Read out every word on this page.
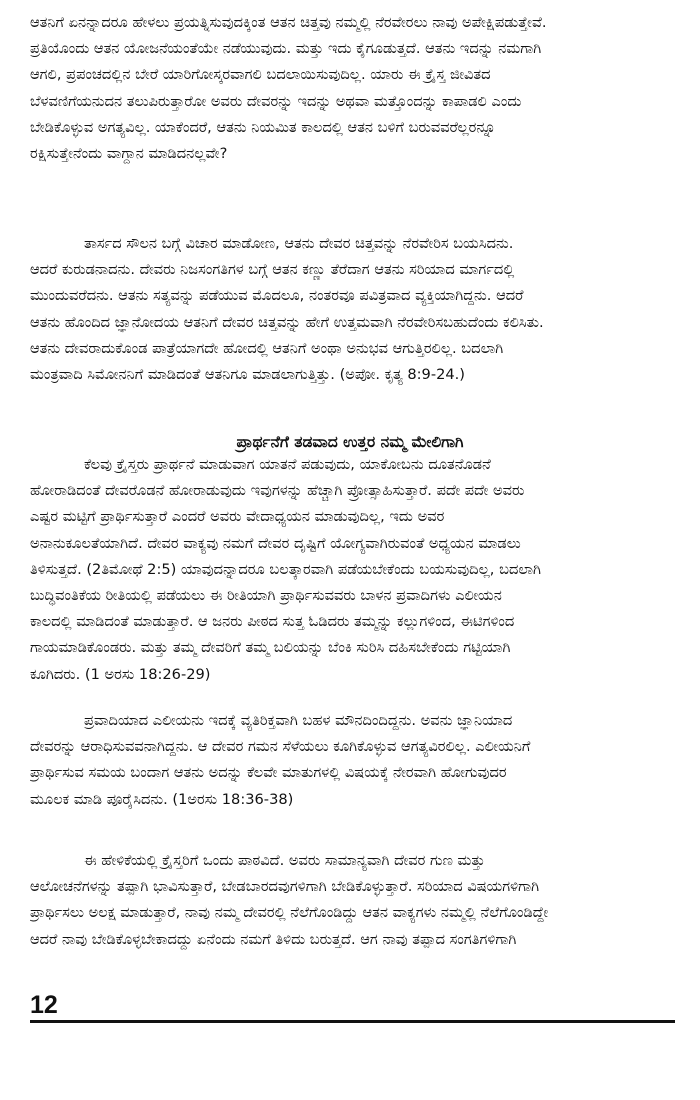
ಆತನಿಗೆ ಏನನ್ನಾದರೂ ಹೇಳಲು ಪ್ರಯತ್ನಿಸುವುದಕ್ಕಿಂತ ಆತನ ಚಿತ್ತವು ನಮ್ಮಲ್ಲಿ ನೆರವೇರಲು ನಾವು ಅಪೇಕ್ಷಿಪಡುತ್ತೇವೆ.
ಪ್ರತಿಯೊಂದು ಆತನ ಯೋಜನೆಯಂತೆಯೇ ನಡೆಯುವುದು. ಮತ್ತು ಇದು ಕೈಗೂಡುತ್ತದೆ. ಆತನು ಇದನ್ನು ನಮಗಾಗಿ
ಆಗಲಿ, ಪ್ರಪಂಚದಲ್ಲಿನ ಬೇರೆ ಯಾರಿಗೋಸ್ಕರವಾಗಲಿ ಬದಲಾಯಿಸುವುದಿಲ್ಲ. ಯಾರು ಈ ಕ್ರೈಸ್ತ ಜೀವಿತದ
ಬೆಳವಣಿಗೆಯನುದನ ತಲುಪಿರುತ್ತಾರೋ ಅವರು ದೇವರನ್ನು ಇದನ್ನು ಅಥವಾ ಮತ್ತೊಂದನ್ನು ಕಾಪಾಡಲಿ ಎಂದು
ಬೇಡಿಕೊಳ್ಳುವ ಅಗತ್ಯವಿಲ್ಲ. ಯಾಕೆಂದರೆ, ಆತನು ನಿಯಮಿತ ಕಾಲದಲ್ಲಿ ಆತನ ಬಳಿಗೆ ಬರುವವರೆಲ್ಲರನ್ನೂ
ರಕ್ಷಿಸುತ್ತೇನೆಂದು ವಾಗ್ದಾನ ಮಾಡಿದನಲ್ಲವೇ?
ತಾರ್ಸದ ಸೌಲನ ಬಗ್ಗೆ ವಿಚಾರ ಮಾಡೋಣ, ಆತನು ದೇವರ ಚಿತ್ತವನ್ನು ನೆರವೇರಿಸ ಬಯಸಿದನು.
ಆದರೆ ಕುರುಡನಾದನು. ದೇವರು ನಿಜಸಂಗತಿಗಳ ಬಗ್ಗೆ ಆತನ ಕಣ್ಣು ತೆರೆದಾಗ ಆತನು ಸರಿಯಾದ ಮಾರ್ಗದಲ್ಲಿ
ಮುಂದುವರೆದನು. ಆತನು ಸತ್ಯವನ್ನು ಪಡೆಯುವ ಮೊದಲೂ, ನಂತರವೂ ಪವಿತ್ರವಾದ ವ್ಯಕ್ತಿಯಾಗಿದ್ದನು. ಆದರೆ
ಆತನು ಹೊಂದಿದ ಜ್ಞಾನೋದಯ ಆತನಿಗೆ ದೇವರ ಚಿತ್ತವನ್ನು ಹೇಗೆ ಉತ್ತಮವಾಗಿ ನೆರವೇರಿಸಬಹುದೆಂದು ಕಲಿಸಿತು.
ಆತನು ದೇವರಾದುಕೊಂಡ ಪಾತ್ರೆಯಾಗದೇ ಹೋದಲ್ಲಿ ಆತನಿಗೆ ಅಂಥಾ ಅನುಭವ ಆಗುತ್ತಿರಲಿಲ್ಲ. ಬದಲಾಗಿ
ಮಂತ್ರವಾದಿ ಸಿಮೋನನಿಗೆ ಮಾಡಿದಂತೆ ಆತನಿಗೂ ಮಾಡಲಾಗುತ್ತಿತ್ತು. (ಅಪೋ. ಕೃತ್ಯ 8:9-24.)
ಪ್ರಾರ್ಥನೆಗೆ ತಡವಾದ ಉತ್ತರ ನಮ್ಮ ಮೇಲಿಗಾಗಿ
ಕೆಲವು ಕ್ರೈಸ್ತರು ಪ್ರಾರ್ಥನೆ ಮಾಡುವಾಗ ಯಾತನೆ ಪಡುವುದು, ಯಾಕೋಬನು ದೂತನೊಡನೆ
ಹೋರಾಡಿದಂತೆ ದೇವರೊಡನೆ ಹೋರಾಡುವುದು ಇವುಗಳನ್ನು ಹೆಚ್ಚಾಗಿ ಪ್ರೋತ್ಸಾಹಿಸುತ್ತಾರೆ. ಪದೇ ಪದೇ ಅವರು
ಎಷ್ಟರ ಮಟ್ಟಿಗೆ ಪ್ರಾರ್ಥಿಸುತ್ತಾರೆ ಎಂದರೆ ಅವರು ವೇದಾಧ್ಯಯನ ಮಾಡುವುದಿಲ್ಲ, ಇದು ಅವರ
ಅನಾನುಕೂಲತೆಯಾಗಿದೆ. ದೇವರ ವಾಕ್ಯವು ನಮಗೆ ದೇವರ ದೃಷ್ಟಿಗೆ ಯೋಗ್ಯವಾಗಿರುವಂತೆ ಅಧ್ಯಯನ ಮಾಡಲು
ತಿಳಿಸುತ್ತದೆ. (2ತಿಮೋಥೆ 2:5) ಯಾವುದನ್ನಾದರೂ ಬಲತ್ಕಾರವಾಗಿ ಪಡೆಯಬೇಕೆಂದು ಬಯಸುವುದಿಲ್ಲ, ಬದಲಾಗಿ
ಬುದ್ಧಿವಂತಿಕೆಯ ರೀತಿಯಲ್ಲಿ ಪಡೆಯಲು ಈ ರೀತಿಯಾಗಿ ಪ್ರಾರ್ಥಿಸುವವರು ಬಾಳನ ಪ್ರವಾದಿಗಳು ಎಲೀಯನ
ಕಾಲದಲ್ಲಿ ಮಾಡಿದಂತೆ ಮಾಡುತ್ತಾರೆ. ಆ ಜನರು ಪೀಠದ ಸುತ್ತ ಓಡಿದರು ತಮ್ಮನ್ನು ಕಲ್ಲುಗಳಿಂದ, ಈಟಿಗಳಿಂದ
ಗಾಯಮಾಡಿಕೊಂಡರು. ಮತ್ತು ತಮ್ಮ ದೇವರಿಗೆ ತಮ್ಮ ಬಲಿಯನ್ನು ಬೆಂಕಿ ಸುರಿಸಿ ದಹಿಸಬೇಕೆಂದು ಗಟ್ಟಿಯಾಗಿ
ಕೂಗಿದರು. (1 ಅರಸು 18:26-29)
ಪ್ರವಾದಿಯಾದ ಎಲೀಯನು ಇದಕ್ಕೆ ವ್ಯತಿರಿಕ್ತವಾಗಿ ಬಹಳ ಮೌನದಿಂದಿದ್ದನು. ಅವನು ಜ್ಞಾನಿಯಾದ
ದೇವರನ್ನು ಆರಾಧಿಸುವವನಾಗಿದ್ದನು. ಆ ದೇವರ ಗಮನ ಸೆಳೆಯಲು ಕೂಗಿಕೊಳ್ಳುವ ಆಗತ್ಯವಿರಲಿಲ್ಲ. ಎಲೀಯನಿಗೆ
ಪ್ರಾರ್ಥಿಸುವ ಸಮಯ ಬಂದಾಗ ಆತನು ಅದನ್ನು ಕೆಲವೇ ಮಾತುಗಳಲ್ಲಿ ವಿಷಯಕ್ಕೆ ನೇರವಾಗಿ ಹೋಗುವುದರ
ಮೂಲಕ ಮಾಡಿ ಪೂರೈಸಿದನು. (1ಅರಸು 18:36-38)
ಈ ಹೇಳಿಕೆಯಲ್ಲಿ ಕ್ರೈಸ್ತರಿಗೆ ಒಂದು ಪಾಠವಿದೆ. ಅವರು ಸಾಮಾನ್ಯವಾಗಿ ದೇವರ ಗುಣ ಮತ್ತು
ಆಲೋಚನೆಗಳನ್ನು ತಪ್ಪಾಗಿ ಭಾವಿಸುತ್ತಾರೆ, ಬೇಡಬಾರದವುಗಳಿಗಾಗಿ ಬೇಡಿಕೊಳ್ಳುತ್ತಾರೆ. ಸರಿಯಾದ ವಿಷಯಗಳಿಗಾಗಿ
ಪ್ರಾರ್ಥಿಸಲು ಅಲಕ್ಷ ಮಾಡುತ್ತಾರೆ, ನಾವು ನಮ್ಮ ದೇವರಲ್ಲಿ ನೆಲೆಗೊಂಡಿದ್ದು ಆತನ ವಾಕ್ಯಗಳು ನಮ್ಮಲ್ಲಿ ನೆಲೆಗೊಂಡಿದ್ದೇ
ಆದರೆ ನಾವು ಬೇಡಿಕೊಳ್ಳಬೇಕಾದದ್ದು ಏನೆಂದು ನಮಗೆ ತಿಳಿದು ಬರುತ್ತದೆ. ಆಗ ನಾವು ತಪ್ಪಾದ ಸಂಗತಿಗಳಿಗಾಗಿ
12
